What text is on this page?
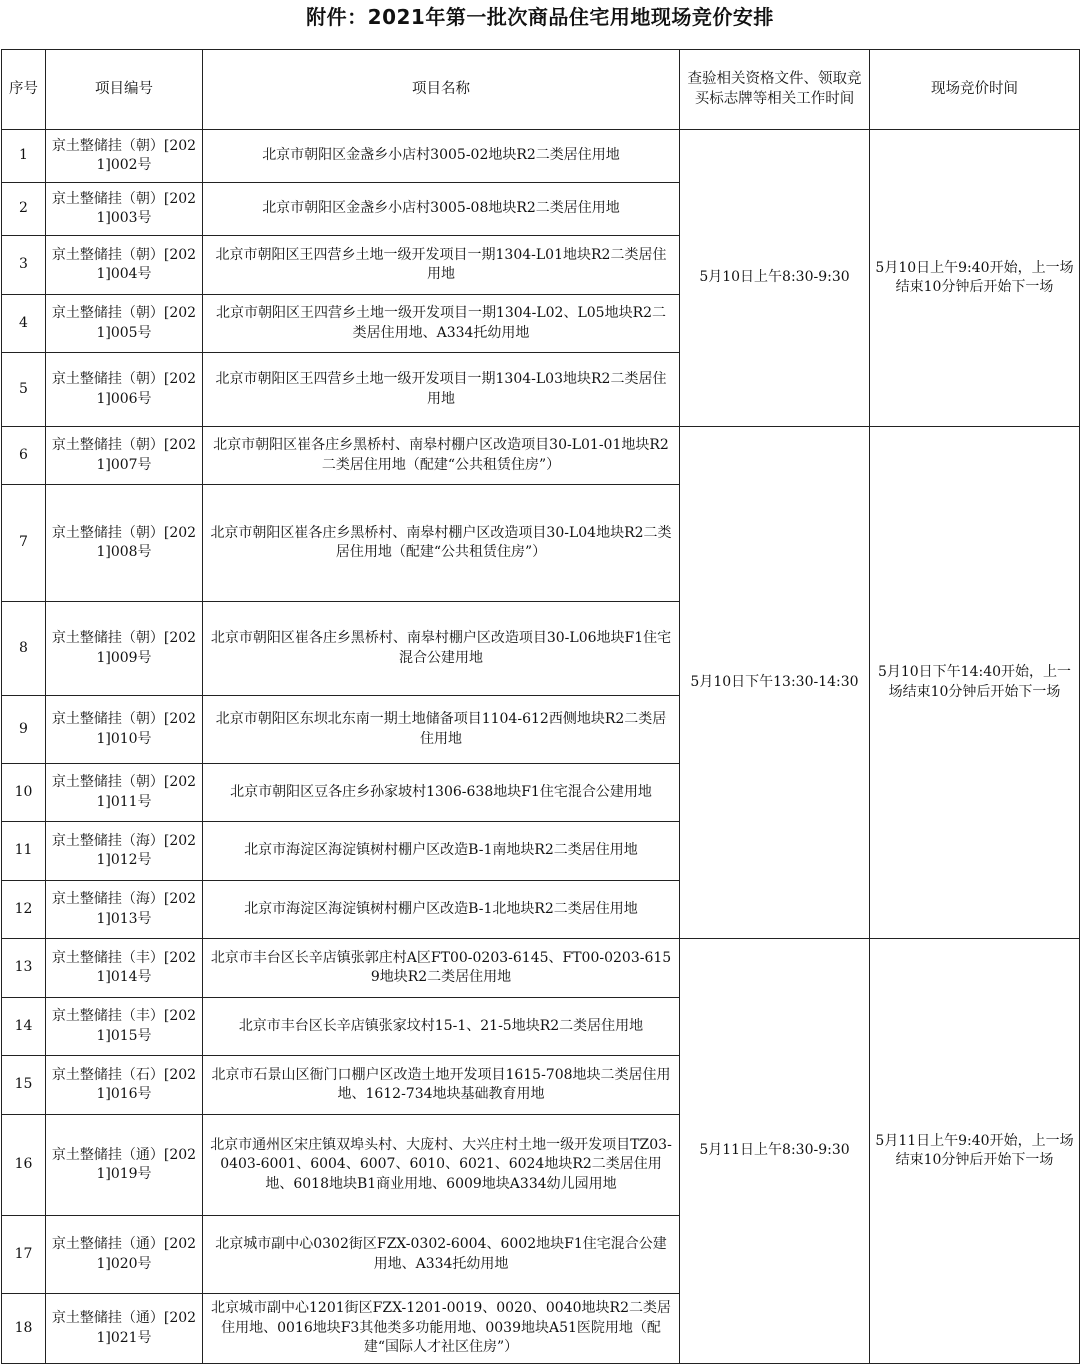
附件：2021年第一批次商品住宅用地现场竞价安排
序号	项目编号	项目名称	查验相关资格文件、领取竞买标志牌等相关工作时间	现场竞价时间
1	京土整储挂（朝）[2021]002号	北京市朝阳区金盏乡小店村3005-02地块R2二类居住用地	5月10日上午8:30-9:30	5月10日上午9:40开始，上一场结束10分钟后开始下一场
2	京土整储挂（朝）[2021]003号	北京市朝阳区金盏乡小店村3005-08地块R2二类居住用地		
3	京土整储挂（朝）[2021]004号	北京市朝阳区王四营乡土地一级开发项目一期1304-L01地块R2二类居住用地		
4	京土整储挂（朝）[2021]005号	北京市朝阳区王四营乡土地一级开发项目一期1304-L02、L05地块R2二类居住用地、A334托幼用地		
5	京土整储挂（朝）[2021]006号	北京市朝阳区王四营乡土地一级开发项目一期1304-L03地块R2二类居住用地		
6	京土整储挂（朝）[2021]007号	北京市朝阳区崔各庄乡黑桥村、南皋村棚户区改造项目30-L01-01地块R2二类居住用地（配建“公共租赁住房”）	5月10日下午13:30-14:30	5月10日下午14:40开始，上一场结束10分钟后开始下一场
7	京土整储挂（朝）[2021]008号	北京市朝阳区崔各庄乡黑桥村、南皋村棚户区改造项目30-L04地块R2二类居住用地（配建“公共租赁住房”）		
8	京土整储挂（朝）[2021]009号	北京市朝阳区崔各庄乡黑桥村、南皋村棚户区改造项目30-L06地块F1住宅混合公建用地		
9	京土整储挂（朝）[2021]010号	北京市朝阳区东坝北东南一期土地储备项目1104-612西侧地块R2二类居住用地		
10	京土整储挂（朝）[2021]011号	北京市朝阳区豆各庄乡孙家坡村1306-638地块F1住宅混合公建用地		
11	京土整储挂（海）[2021]012号	北京市海淀区海淀镇树村棚户区改造B-1南地块R2二类居住用地		
12	京土整储挂（海）[2021]013号	北京市海淀区海淀镇树村棚户区改造B-1北地块R2二类居住用地		
13	京土整储挂（丰）[2021]014号	北京市丰台区长辛店镇张郭庄村A区FT00-0203-6145、FT00-0203-6159地块R2二类居住用地	5月11日上午8:30-9:30	5月11日上午9:40开始，上一场结束10分钟后开始下一场
14	京土整储挂（丰）[2021]015号	北京市丰台区长辛店镇张家坟村15-1、21-5地块R2二类居住用地		
15	京土整储挂（石）[2021]016号	北京市石景山区衙门口棚户区改造土地开发项目1615-708地块二类居住用地、1612-734地块基础教育用地		
16	京土整储挂（通）[2021]019号	北京市通州区宋庄镇双埠头村、大庞村、大兴庄村土地一级开发项目TZ03-0403-6001、6004、6007、6010、6021、6024地块R2二类居住用地、6018地块B1商业用地、6009地块A334幼儿园用地		
17	京土整储挂（通）[2021]020号	北京城市副中心0302街区FZX-0302-6004、6002地块F1住宅混合公建用地、A334托幼用地		
18	京土整储挂（通）[2021]021号	北京城市副中心1201街区FZX-1201-0019、0020、0040地块R2二类居住用地、0016地块F3其他类多功能用地、0039地块A51医院用地（配建“国际人才社区住房”）		
